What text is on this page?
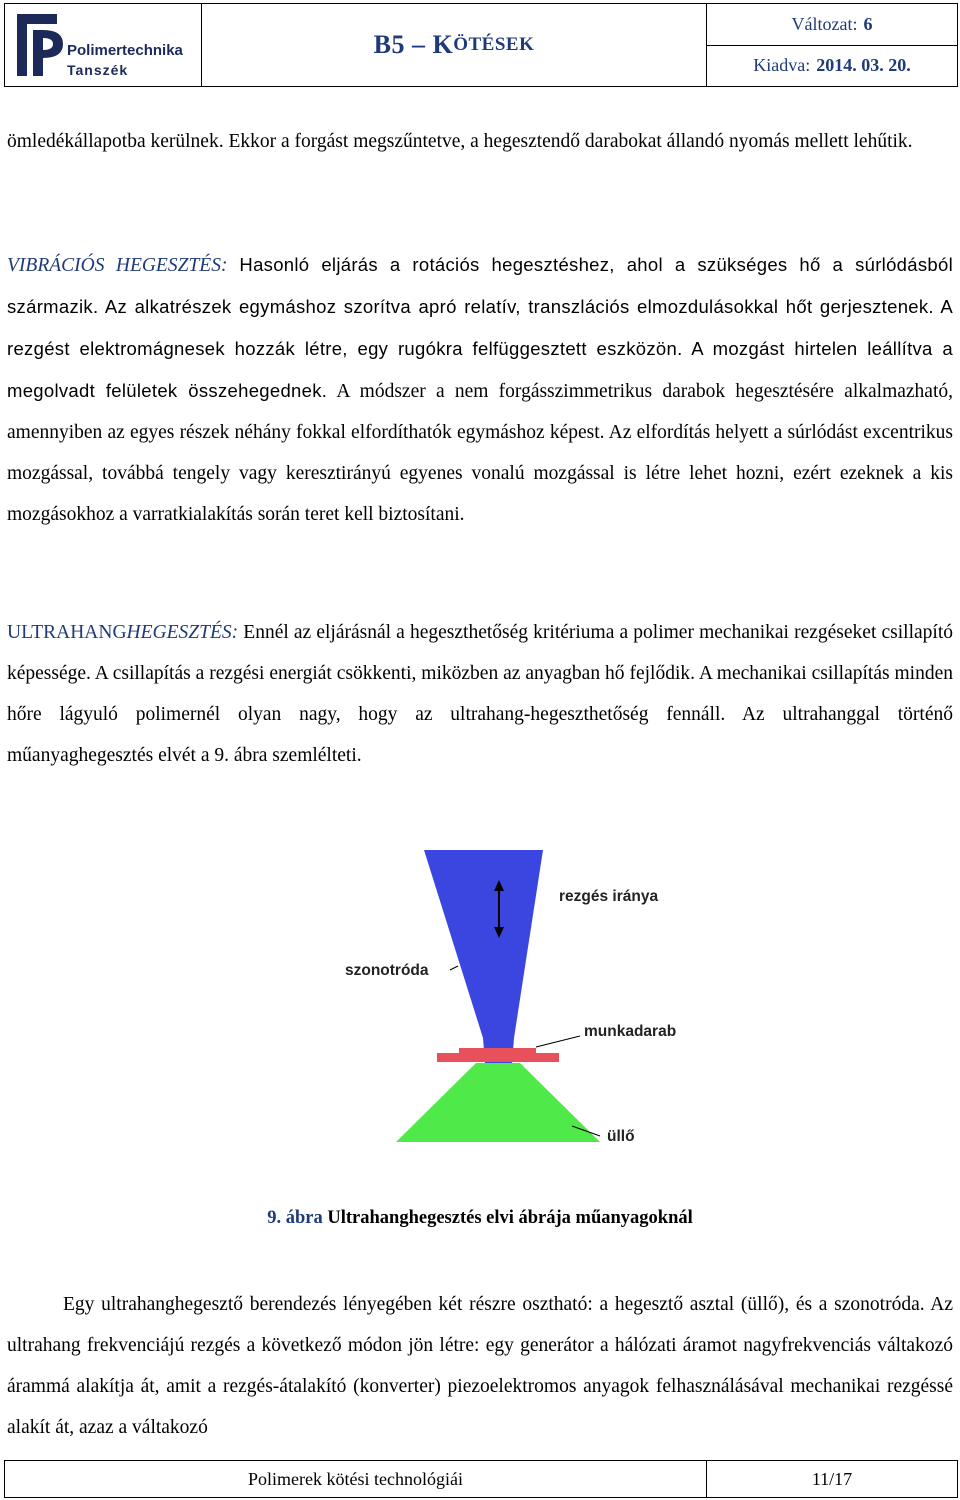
Polimertechnika
Tanszék
B5 – K ÖTÉSEK
Változat: 6
Kiadva: 2014. 03. 20.
ömledékállapotba kerülnek. Ekkor a forgást megszűntetve, a hegesztendő darabokat állandó nyomás mellett lehűtik.
VIBRÁCIÓS HEGESZTÉS: Hasonló eljárás a rotációs hegesztéshez, ahol a szükséges hő a súrlódásból származik. Az alkatrészek egymáshoz szorítva apró relatív, transzlációs elmozdulásokkal hőt gerjesztenek. A rezgést elektromágnesek hozzák létre, egy rugókra felfüggesztett eszközön. A mozgást hirtelen leállítva a megolvadt felületek összehegednek. A módszer a nem forgásszimmetrikus darabok hegesztésére alkalmazható, amennyiben az egyes részek néhány fokkal elfordíthatók egymáshoz képest. Az elfordítás helyett a súrlódást excentrikus mozgással, továbbá tengely vagy keresztirányú egyenes vonalú mozgással is létre lehet hozni, ezért ezeknek a kis mozgásokhoz a varratkialakítás során teret kell biztosítani.
ULTRAHANGHEGESZTÉS: Ennél az eljárásnál a hegeszthetőség kritériuma a polimer mechanikai rezgéseket csillapító képessége. A csillapítás a rezgési energiát csökkenti, miközben az anyagban hő fejlődik. A mechanikai csillapítás minden hőre lágyuló polimernél olyan nagy, hogy az ultrahang-hegeszthetőség fennáll. Az ultrahanggal történő műanyaghegesztés elvét a 9. ábra szemlélteti.
rezgés iránya
szonotróda
munkadarab
üllő
9. ábra Ultrahanghegesztés elvi ábrája műanyagoknál
Egy ultrahanghegesztő berendezés lényegében két részre osztható: a hegesztő asztal (üllő), és a szonotróda. Az ultrahang frekvenciájú rezgés a következő módon jön létre: egy generátor a hálózati áramot nagyfrekvenciás váltakozó árammá alakítja át, amit a rezgés-átalakító (konverter) piezoelektromos anyagok felhasználásával mechanikai rezgéssé alakít át, azaz a váltakozó
Polimerek kötési technológiái	11/17
